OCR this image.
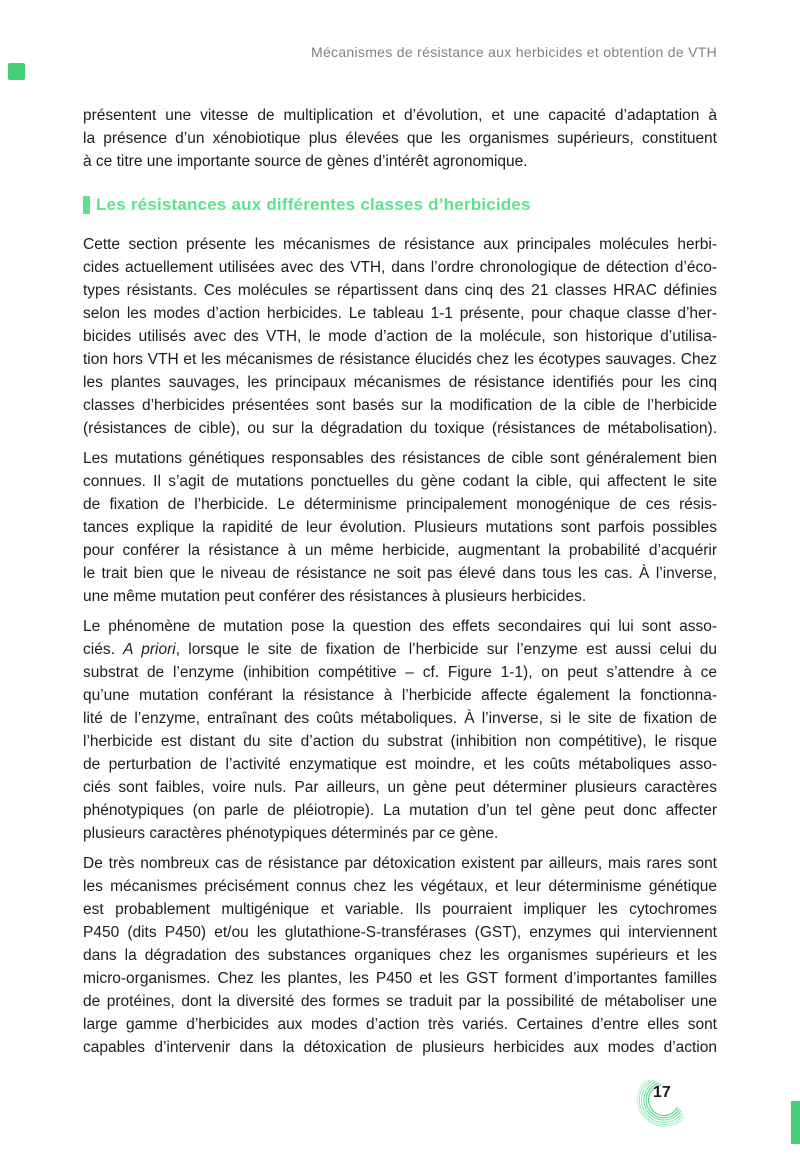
Mécanismes de résistance aux herbicides et obtention de VTH
présentent une vitesse de multiplication et d’évolution, et une capacité d’adaptation à
la présence d’un xénobiotique plus élevées que les organismes supérieurs, constituent
à ce titre une importante source de gènes d’intérêt agronomique.
Les résistances aux différentes classes d’herbicides
Cette section présente les mécanismes de résistance aux principales molécules herbi-
cides actuellement utilisées avec des VTH, dans l’ordre chronologique de détection d’éco-
types résistants. Ces molécules se répartissent dans cinq des 21 classes HRAC définies
selon les modes d’action herbicides. Le tableau 1-1 présente, pour chaque classe d’her-
bicides utilisés avec des VTH, le mode d’action de la molécule, son historique d’utilisa-
tion hors VTH et les mécanismes de résistance élucidés chez les écotypes sauvages. Chez
les plantes sauvages, les principaux mécanismes de résistance identifiés pour les cinq
classes d’herbicides présentées sont basés sur la modification de la cible de l’herbicide
(résistances de cible), ou sur la dégradation du toxique (résistances de métabolisation).
Les mutations génétiques responsables des résistances de cible sont généralement bien
connues. Il s’agit de mutations ponctuelles du gène codant la cible, qui affectent le site
de fixation de l’herbicide. Le déterminisme principalement monogénique de ces résis-
tances explique la rapidité de leur évolution. Plusieurs mutations sont parfois possibles
pour conférer la résistance à un même herbicide, augmentant la probabilité d’acquérir
le trait bien que le niveau de résistance ne soit pas élevé dans tous les cas. À l’inverse,
une même mutation peut conférer des résistances à plusieurs herbicides.
Le phénomène de mutation pose la question des effets secondaires qui lui sont asso-
ciés. A priori, lorsque le site de fixation de l’herbicide sur l’enzyme est aussi celui du
substrat de l’enzyme (inhibition compétitive – cf. Figure 1-1), on peut s’attendre à ce
qu’une mutation conférant la résistance à l’herbicide affecte également la fonctionna-
lité de l’enzyme, entraînant des coûts métaboliques. À l’inverse, si le site de fixation de
l’herbicide est distant du site d’action du substrat (inhibition non compétitive), le risque
de perturbation de l’activité enzymatique est moindre, et les coûts métaboliques asso-
ciés sont faibles, voire nuls. Par ailleurs, un gène peut déterminer plusieurs caractères
phénotypiques (on parle de pléiotropie). La mutation d’un tel gène peut donc affecter
plusieurs caractères phénotypiques déterminés par ce gène.
De très nombreux cas de résistance par détoxication existent par ailleurs, mais rares sont
les mécanismes précisément connus chez les végétaux, et leur déterminisme génétique
est probablement multigénique et variable. Ils pourraient impliquer les cytochromes
P450 (dits P450) et/ou les glutathione-S-transférases (GST), enzymes qui interviennent
dans la dégradation des substances organiques chez les organismes supérieurs et les
micro-organismes. Chez les plantes, les P450 et les GST forment d’importantes familles
de protéines, dont la diversité des formes se traduit par la possibilité de métaboliser une
large gamme d’herbicides aux modes d’action très variés. Certaines d’entre elles sont
capables d’intervenir dans la détoxication de plusieurs herbicides aux modes d’action
17
